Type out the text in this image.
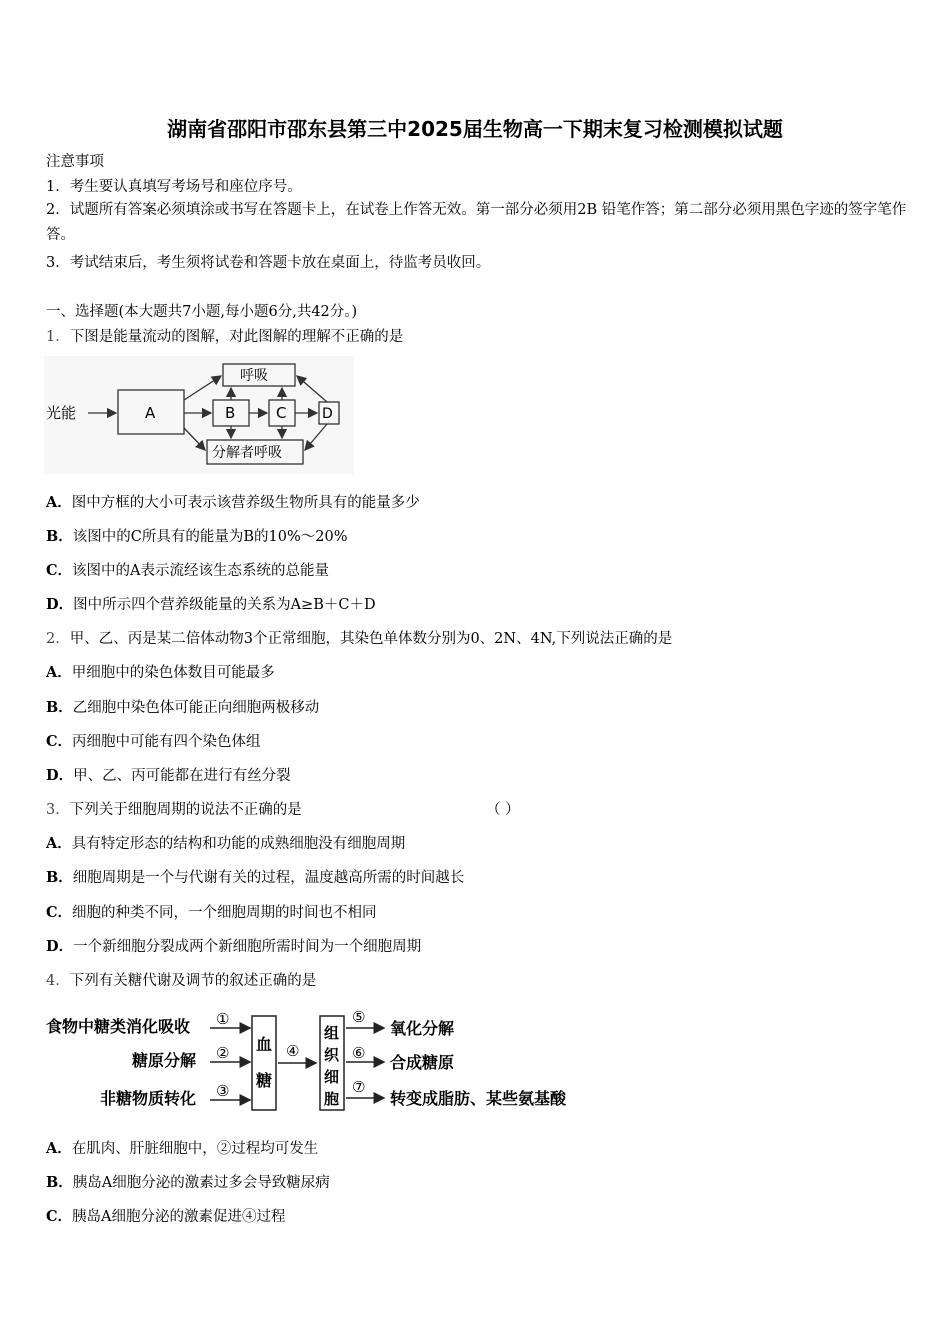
湖南省邵阳市邵东县第三中2025届生物高一下期末复习检测模拟试题
注意事项
1．考生要认真填写考场号和座位序号。
2．试题所有答案必须填涂或书写在答题卡上，在试卷上作答无效。第一部分必须用2B 铅笔作答；第二部分必须用黑色字迹的签字笔作答。
3．考试结束后，考生须将试卷和答题卡放在桌面上，待监考员收回。
一、选择题(本大题共7小题,每小题6分,共42分。)
1．下图是能量流动的图解，对此图解的理解不正确的是
光能	A	B	C	D
呼吸
分解者呼吸
A．图中方框的大小可表示该营养级生物所具有的能量多少
B．该图中的C所具有的能量为B的10%～20%
C．该图中的A表示流经该生态系统的总能量
D．图中所示四个营养级能量的关系为A≥B＋C＋D
2．甲、乙、丙是某二倍体动物3个正常细胞，其染色单体数分别为0、2N、4N,下列说法正确的是
A．甲细胞中的染色体数目可能最多
B．乙细胞中染色体可能正向细胞两极移动
C．丙细胞中可能有四个染色体组
D．甲、乙、丙可能都在进行有丝分裂
3．下列关于细胞周期的说法不正确的是	（ ）
A．具有特定形态的结构和功能的成熟细胞没有细胞周期
B．细胞周期是一个与代谢有关的过程，温度越高所需的时间越长
C．细胞的种类不同，一个细胞周期的时间也不相同
D．一个新细胞分裂成两个新细胞所需时间为一个细胞周期
4．下列有关糖代谢及调节的叙述正确的是
食物中糖类消化吸收
糖原分解
非糖物质转化
①
②
③
血
糖
④
组
织
细
胞
⑤
⑥
⑦
氧化分解
合成糖原
转变成脂肪、某些氨基酸
A．在肌肉、肝脏细胞中，②过程均可发生
B．胰岛A细胞分泌的激素过多会导致糖尿病
C．胰岛A细胞分泌的激素促进④过程
